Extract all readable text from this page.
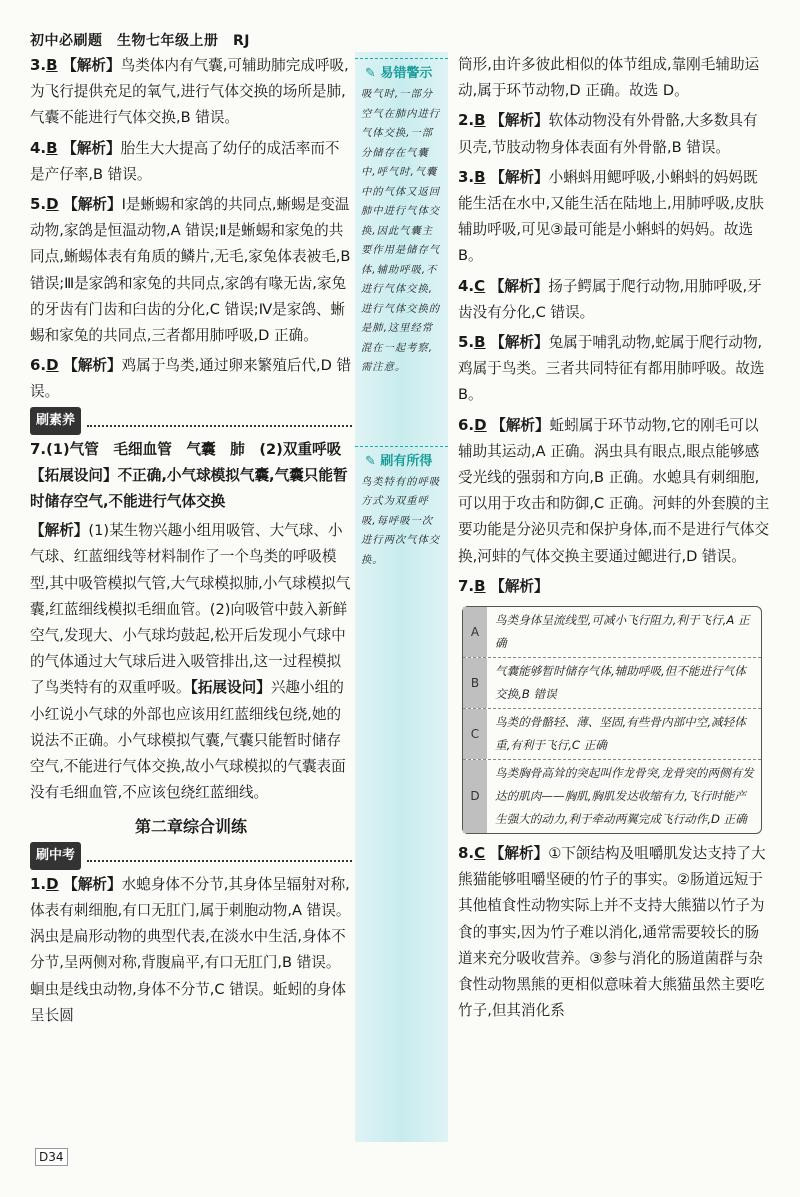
初中必刷题　生物七年级上册　RJ
✎ 易错警示
吸气时,一部分空气在肺内进行气体交换,一部分储存在气囊中,呼气时,气囊中的气体又返回肺中进行气体交换,因此气囊主要作用是储存气体,辅助呼吸,不进行气体交换,进行气体交换的是肺,这里经常混在一起考察,需注意。
✎ 刷有所得
鸟类特有的呼吸方式为双重呼吸,每呼吸一次进行两次气体交换。
3.B 【解析】鸟类体内有气囊,可辅助肺完成呼吸,为飞行提供充足的氧气,进行气体交换的场所是肺,气囊不能进行气体交换,B 错误。
4.B 【解析】胎生大大提高了幼仔的成活率而不是产仔率,B 错误。
5.D 【解析】Ⅰ是蜥蜴和家鸽的共同点,蜥蜴是变温动物,家鸽是恒温动物,A 错误;Ⅱ是蜥蜴和家兔的共同点,蜥蜴体表有角质的鳞片,无毛,家兔体表被毛,B 错误;Ⅲ是家鸽和家兔的共同点,家鸽有喙无齿,家兔的牙齿有门齿和臼齿的分化,C 错误;Ⅳ是家鸽、蜥蜴和家兔的共同点,三者都用肺呼吸,D 正确。
6.D 【解析】鸡属于鸟类,通过卵来繁殖后代,D 错误。
刷素养
7.(1)气管　毛细血管　气囊　肺　(2)双重呼吸　【拓展设问】不正确,小气球模拟气囊,气囊只能暂时储存空气,不能进行气体交换
【解析】(1)某生物兴趣小组用吸管、大气球、小气球、红蓝细线等材料制作了一个鸟类的呼吸模型,其中吸管模拟气管,大气球模拟肺,小气球模拟气囊,红蓝细线模拟毛细血管。(2)向吸管中鼓入新鲜空气,发现大、小气球均鼓起,松开后发现小气球中的气体通过大气球后进入吸管排出,这一过程模拟了鸟类特有的双重呼吸。【拓展设问】兴趣小组的小红说小气球的外部也应该用红蓝细线包绕,她的说法不正确。小气球模拟气囊,气囊只能暂时储存空气,不能进行气体交换,故小气球模拟的气囊表面没有毛细血管,不应该包绕红蓝细线。
第二章综合训练
刷中考
1.D 【解析】水螅身体不分节,其身体呈辐射对称,体表有刺细胞,有口无肛门,属于刺胞动物,A 错误。涡虫是扁形动物的典型代表,在淡水中生活,身体不分节,呈两侧对称,背腹扁平,有口无肛门,B 错误。蛔虫是线虫动物,身体不分节,C 错误。蚯蚓的身体呈长圆
筒形,由许多彼此相似的体节组成,靠刚毛辅助运动,属于环节动物,D 正确。故选 D。
2.B 【解析】软体动物没有外骨骼,大多数具有贝壳,节肢动物身体表面有外骨骼,B 错误。
3.B 【解析】小蝌蚪用鳃呼吸,小蝌蚪的妈妈既能生活在水中,又能生活在陆地上,用肺呼吸,皮肤辅助呼吸,可见③最可能是小蝌蚪的妈妈。故选 B。
4.C 【解析】扬子鳄属于爬行动物,用肺呼吸,牙齿没有分化,C 错误。
5.B 【解析】兔属于哺乳动物,蛇属于爬行动物,鸡属于鸟类。三者共同特征有都用肺呼吸。故选 B。
6.D 【解析】蚯蚓属于环节动物,它的刚毛可以辅助其运动,A 正确。涡虫具有眼点,眼点能够感受光线的强弱和方向,B 正确。水螅具有刺细胞,可以用于攻击和防御,C 正确。河蚌的外套膜的主要功能是分泌贝壳和保护身体,而不是进行气体交换,河蚌的气体交换主要通过鳃进行,D 错误。
7.B 【解析】
A
鸟类身体呈流线型,可减小飞行阻力,利于飞行,A 正确
B
气囊能够暂时储存气体,辅助呼吸,但不能进行气体交换,B 错误
C
鸟类的骨骼轻、薄、坚固,有些骨内部中空,减轻体重,有利于飞行,C 正确
D
鸟类胸骨高耸的突起叫作龙骨突,龙骨突的两侧有发达的肌肉——胸肌,胸肌发达收缩有力,飞行时能产生强大的动力,利于牵动两翼完成飞行动作,D 正确
8.C 【解析】①下颌结构及咀嚼肌发达支持了大熊猫能够咀嚼坚硬的竹子的事实。②肠道远短于其他植食性动物实际上并不支持大熊猫以竹子为食的事实,因为竹子难以消化,通常需要较长的肠道来充分吸收营养。③参与消化的肠道菌群与杂食性动物黑熊的更相似意味着大熊猫虽然主要吃竹子,但其消化系
D34
